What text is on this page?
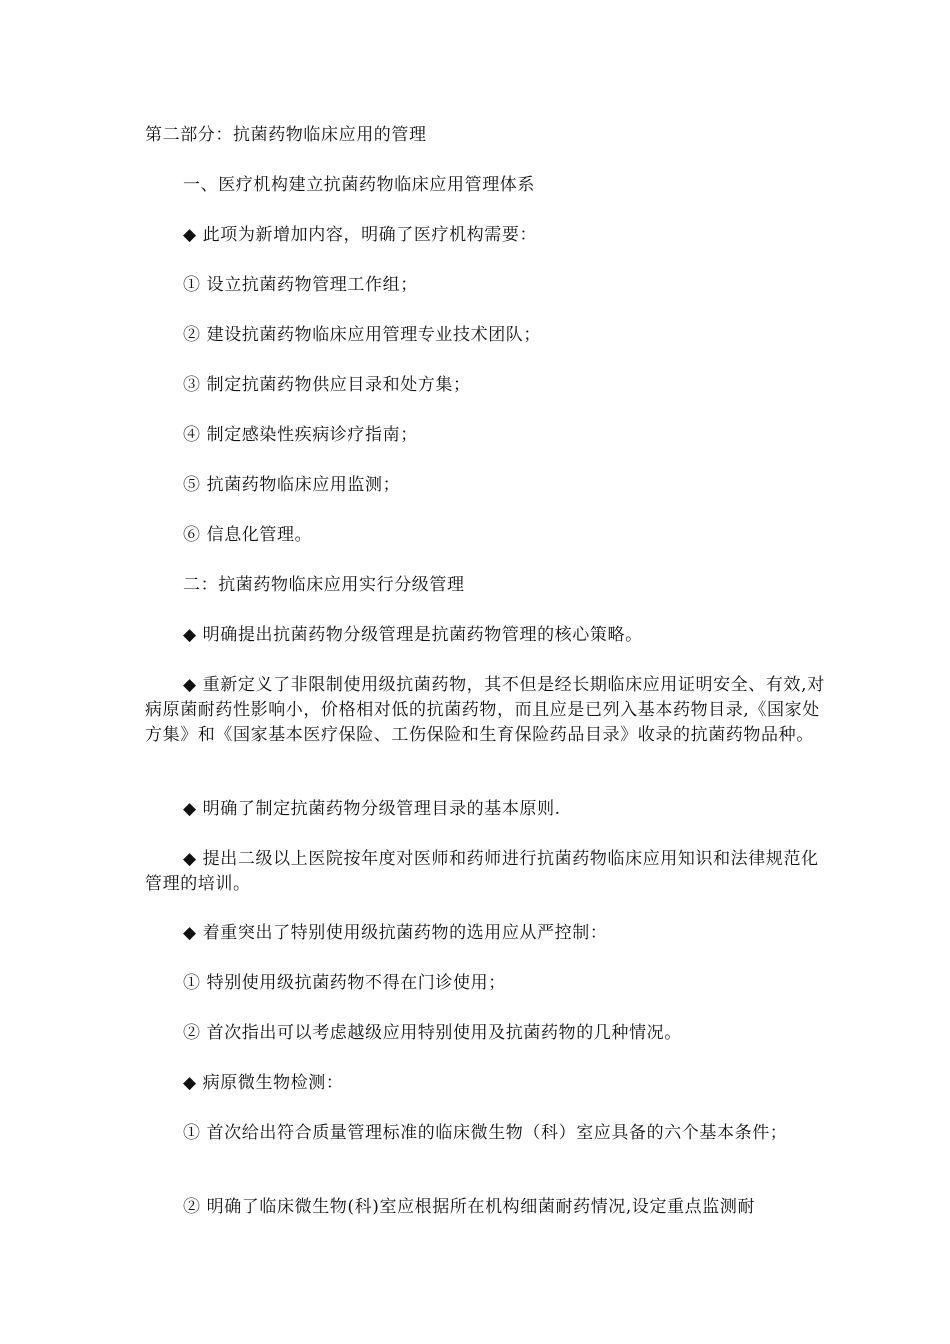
第二部分：抗菌药物临床应用的管理

一、医疗机构建立抗菌药物临床应用管理体系

◆ 此项为新增加内容，明确了医疗机构需要：

① 设立抗菌药物管理工作组；

② 建设抗菌药物临床应用管理专业技术团队；

③ 制定抗菌药物供应目录和处方集；

④ 制定感染性疾病诊疗指南；

⑤ 抗菌药物临床应用监测；

⑥ 信息化管理。

二：抗菌药物临床应用实行分级管理

◆ 明确提出抗菌药物分级管理是抗菌药物管理的核心策略。

◆ 重新定义了非限制使用级抗菌药物，其不但是经长期临床应用证明安全、有效,对病原菌耐药性影响小，价格相对低的抗菌药物，而且应是已列入基本药物目录,《国家处方集》和《国家基本医疗保险、工伤保险和生育保险药品目录》收录的抗菌药物品种。

◆ 明确了制定抗菌药物分级管理目录的基本原则.

◆ 提出二级以上医院按年度对医师和药师进行抗菌药物临床应用知识和法律规范化管理的培训。

◆ 着重突出了特别使用级抗菌药物的选用应从严控制：

① 特别使用级抗菌药物不得在门诊使用；

② 首次指出可以考虑越级应用特别使用及抗菌药物的几种情况。

◆ 病原微生物检测：

① 首次给出符合质量管理标准的临床微生物（科）室应具备的六个基本条件；

② 明确了临床微生物(科)室应根据所在机构细菌耐药情况,设定重点监测耐
